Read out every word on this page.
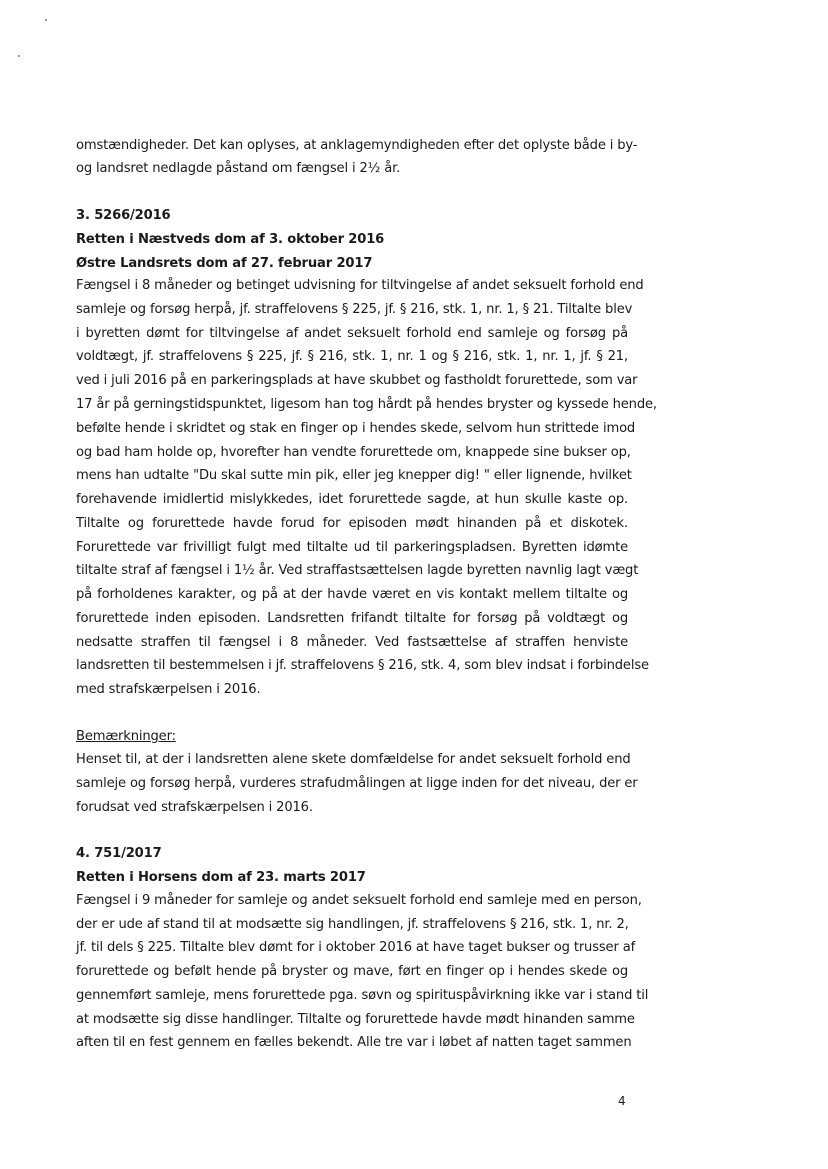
omstændigheder. Det kan oplyses, at anklagemyndigheden efter det oplyste både i by-
og landsret nedlagde påstand om fængsel i 2½ år.
3. 5266/2016
Retten i Næstveds dom af 3. oktober 2016
Østre Landsrets dom af 27. februar 2017
Fængsel i 8 måneder og betinget udvisning for tiltvingelse af andet seksuelt forhold end
samleje og forsøg herpå, jf. straffelovens § 225, jf. § 216, stk. 1, nr. 1, § 21. Tiltalte blev
i byretten dømt for tiltvingelse af andet seksuelt forhold end samleje og forsøg på
voldtægt, jf. straffelovens § 225, jf. § 216, stk. 1, nr. 1 og § 216, stk. 1, nr. 1, jf. § 21,
ved i juli 2016 på en parkeringsplads at have skubbet og fastholdt forurettede, som var
17 år på gerningstidspunktet, ligesom han tog hårdt på hendes bryster og kyssede hende,
befølte hende i skridtet og stak en finger op i hendes skede, selvom hun strittede imod
og bad ham holde op, hvorefter han vendte forurettede om, knappede sine bukser op,
mens han udtalte "Du skal sutte min pik, eller jeg knepper dig! " eller lignende, hvilket
forehavende imidlertid mislykkedes, idet forurettede sagde, at hun skulle kaste op.
Tiltalte og forurettede havde forud for episoden mødt hinanden på et diskotek.
Forurettede var frivilligt fulgt med tiltalte ud til parkeringspladsen. Byretten idømte
tiltalte straf af fængsel i 1½ år. Ved straffastsættelsen lagde byretten navnlig lagt vægt
på forholdenes karakter, og på at der havde været en vis kontakt mellem tiltalte og
forurettede inden episoden. Landsretten frifandt tiltalte for forsøg på voldtægt og
nedsatte straffen til fængsel i 8 måneder. Ved fastsættelse af straffen henviste
landsretten til bestemmelsen i jf. straffelovens § 216, stk. 4, som blev indsat i forbindelse
med strafskærpelsen i 2016.
Bemærkninger:
Henset til, at der i landsretten alene skete domfældelse for andet seksuelt forhold end
samleje og forsøg herpå, vurderes strafudmålingen at ligge inden for det niveau, der er
forudsat ved strafskærpelsen i 2016.
4. 751/2017
Retten i Horsens dom af 23. marts 2017
Fængsel i 9 måneder for samleje og andet seksuelt forhold end samleje med en person,
der er ude af stand til at modsætte sig handlingen, jf. straffelovens § 216, stk. 1, nr. 2,
jf. til dels § 225. Tiltalte blev dømt for i oktober 2016 at have taget bukser og trusser af
forurettede og befølt hende på bryster og mave, ført en finger op i hendes skede og
gennemført samleje, mens forurettede pga. søvn og spirituspåvirkning ikke var i stand til
at modsætte sig disse handlinger. Tiltalte og forurettede havde mødt hinanden samme
aften til en fest gennem en fælles bekendt. Alle tre var i løbet af natten taget sammen
4
